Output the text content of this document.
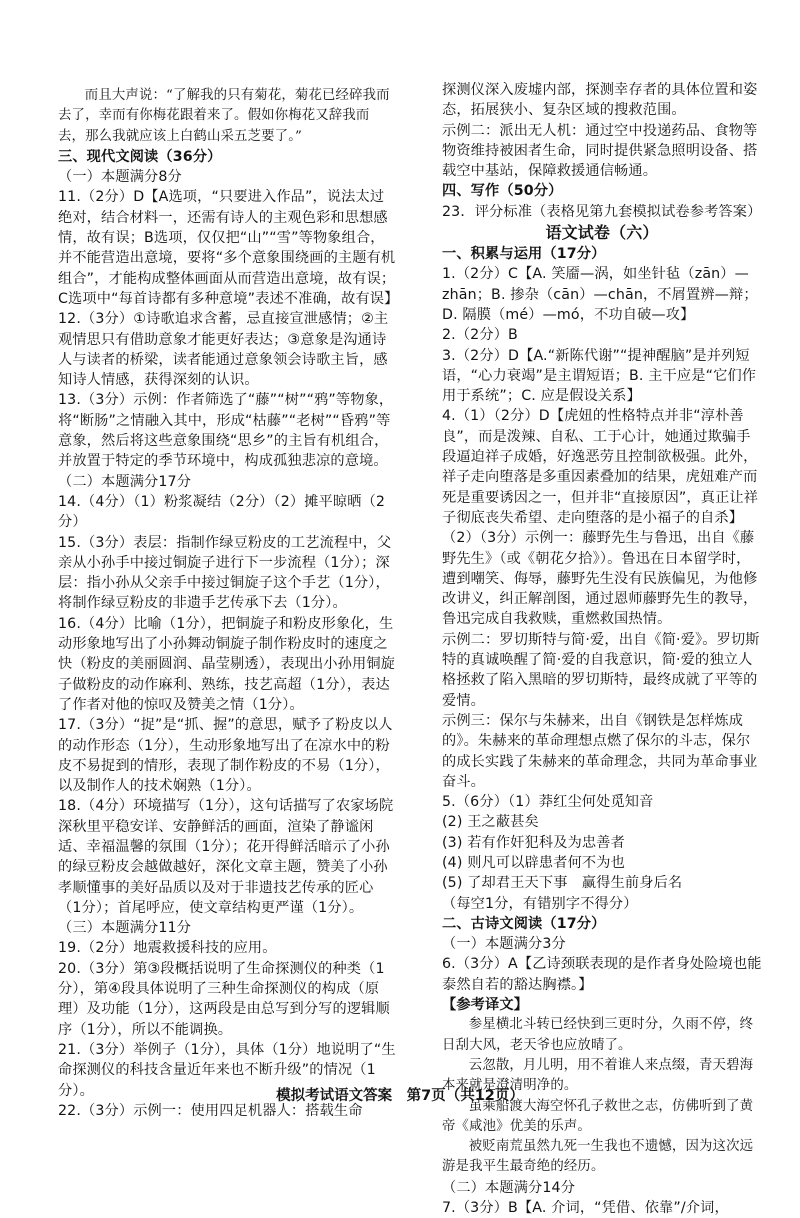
而且大声说：“了解我的只有菊花，菊花已经碎我而去了，幸而有你梅花跟着来了。假如你梅花又辞我而去，那么我就应该上白鹤山采五芝要了。”

三、现代文阅读（36分）

（一）本题满分8分

11.（2分）D【A选项，“只要进入作品”，说法太过绝对，结合材料一，还需有诗人的主观色彩和思想感情，故有误；B选项，仅仅把“山”“雪”等物象组合，并不能营造出意境，要将“多个意象围绕画的主题有机组合”，才能构成整体画面从而营造出意境，故有误；C选项中“每首诗都有多种意境”表述不准确，故有误】

12.（3分）①诗歌追求含蓄，忌直接宣泄感情；②主观情思只有借助意象才能更好表达；③意象是沟通诗人与读者的桥梁，读者能通过意象领会诗歌主旨，感知诗人情感，获得深刻的认识。

13.（3分）示例：作者筛选了“藤”“树”“鸦”等物象，将“断肠”之情融入其中，形成“枯藤”“老树”“昏鸦”等意象，然后将这些意象围绕“思乡”的主旨有机组合，并放置于特定的季节环境中，构成孤独悲凉的意境。

（二）本题满分17分

14.（4分）（1）粉浆凝结（2分）（2）摊平晾晒（2分）

15.（3分）表层：指制作绿豆粉皮的工艺流程中，父亲从小孙手中接过铜旋子进行下一步流程（1分）；深层：指小孙从父亲手中接过铜旋子这个手艺（1分），将制作绿豆粉皮的非遗手艺传承下去（1分）。

16.（4分）比喻（1分），把铜旋子和粉皮形象化，生动形象地写出了小孙舞动铜旋子制作粉皮时的速度之快（粉皮的美丽圆润、晶莹剔透），表现出小孙用铜旋子做粉皮的动作麻利、熟练，技艺高超（1分），表达了作者对他的惊叹及赞美之情（1分）。

17.（3分）“捉”是“抓、握”的意思，赋予了粉皮以人的动作形态（1分），生动形象地写出了在凉水中的粉皮不易捉到的情形，表现了制作粉皮的不易（1分），以及制作人的技术娴熟（1分）。

18.（4分）环境描写（1分），这句话描写了农家场院深秋里平稳安详、安静鲜活的画面，渲染了静谧闲适、幸福温馨的氛围（1分）；花开得鲜活暗示了小孙的绿豆粉皮会越做越好，深化文章主题，赞美了小孙孝顺懂事的美好品质以及对于非遗技艺传承的匠心（1分）；首尾呼应，使文章结构更严谨（1分）。

（三）本题满分11分

19.（2分）地震救援科技的应用。

20.（3分）第③段概括说明了生命探测仪的种类（1分），第④段具体说明了三种生命探测仪的构成（原理）及功能（1分），这两段是由总写到分写的逻辑顺序（1分），所以不能调换。

21.（3分）举例子（1分），具体（1分）地说明了“生命探测仪的科技含量近年来也不断升级”的情况（1分）。

22.（3分）示例一：使用四足机器人：搭载生命

探测仪深入废墟内部，探测幸存者的具体位置和姿态，拓展狭小、复杂区域的搜救范围。

示例二：派出无人机：通过空中投递药品、食物等物资维持被困者生命，同时提供紧急照明设备、搭载空中基站，保障救援通信畅通。

四、写作（50分）

23．评分标准（表格见第九套模拟试卷参考答案）

语文试卷（六）

一、积累与运用（17分）

1.（2分）C【A. 笑靥—涡，如坐针毡（zān）—zhān；B. 掺杂（cān）—chān，不屑置辨—辩；D. 隔膜（mé）—mó，不功自破—攻】

2.（2分）B

3.（2分）D【A.“新陈代谢”“提神醒脑”是并列短语，“心力衰竭”是主谓短语；B. 主干应是“它们作用于系统”；C. 应是假设关系】

4.（1）（2分）D【虎妞的性格特点并非“淳朴善良”，而是泼辣、自私、工于心计，她通过欺骗手段逼迫祥子成婚，好逸恶劳且控制欲极强。此外，祥子走向堕落是多重因素叠加的结果，虎妞难产而死是重要诱因之一，但并非“直接原因”，真正让祥子彻底丧失希望、走向堕落的是小福子的自杀】

（2）（3分）示例一：藤野先生与鲁迅，出自《藤野先生》（或《朝花夕拾》）。鲁迅在日本留学时，遭到嘲笑、侮辱，藤野先生没有民族偏见，为他修改讲义，纠正解剖图，通过恩师藤野先生的教导，鲁迅完成自我救赎，重燃救国热情。

示例二：罗切斯特与简·爱，出自《简·爱》。罗切斯特的真诚唤醒了简·爱的自我意识，简·爱的独立人格拯救了陷入黑暗的罗切斯特，最终成就了平等的爱情。

示例三：保尔与朱赫来，出自《钢铁是怎样炼成的》。朱赫来的革命理想点燃了保尔的斗志，保尔的成长实践了朱赫来的革命理念，共同为革命事业奋斗。

5.（6分）（1）莽红尘何处觅知音

(2) 王之蔽甚矣

(3) 若有作奸犯科及为忠善者

(4) 则凡可以辟患者何不为也

(5) 了却君王天下事　赢得生前身后名

（每空1分，有错别字不得分）

二、古诗文阅读（17分）

（一）本题满分3分

6.（3分）A【乙诗颈联表现的是作者身处险境也能泰然自若的豁达胸襟。】

【参考译文】

参星横北斗转已经快到三更时分，久雨不停，终日刮大风，老天爷也应放晴了。

云忽散，月儿明，用不着谁人来点缀，青天碧海本来就是澄清明净的。

虽乘船渡大海空怀孔子救世之志，仿佛听到了黄帝《咸池》优美的乐声。

被贬南荒虽然九死一生我也不遗憾，因为这次远游是我平生最奇绝的经历。

（二）本题满分14分

7.（3分）B【A. 介词，“凭借、依靠”/介词，

模拟考试语文答案　第7页（共12页）
